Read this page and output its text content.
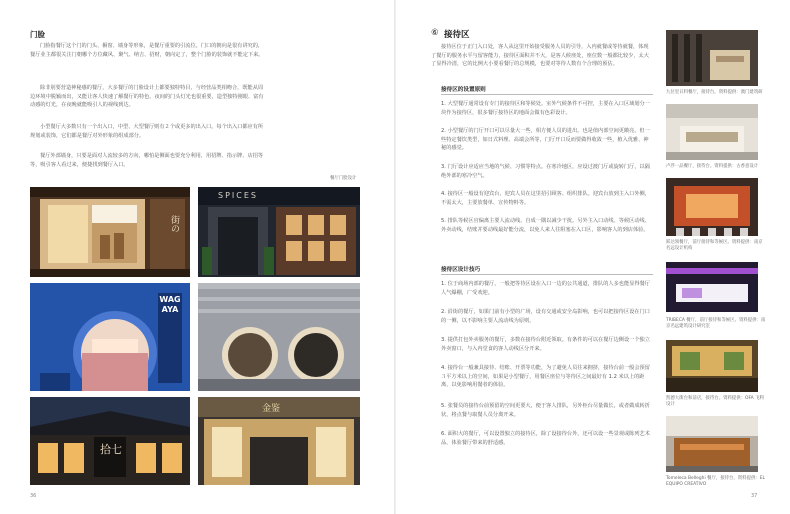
门脸

门脸指餐厅这个门的门头、橱窗、墙身等形象，是餐厅重要的引流位。门口的朝向是很有讲究的，餐厅业主都很关注门朝哪个方位藏风、聚气、纳吉、招财，朝向定了，整个门脸的装饰就不能定下来。

除非别要营造神秘感的餐厅，大多餐厅的门脸设计上都要独特特目，与经营品类相吻合，既能从周边环境中脱颖而出，又能让客人快速了解餐厅的特色。夜间的门头灯光也很重要，造型独特刚眼、富有动感的灯光，在夜晚就能吸引人的视线到达。

小型餐厅大多数只有一个出入口，中型、大型餐厅则有２个或更多的出入口。每个出入口都应有所规划或装饰，它们都是餐厅对外形象的组成部分。

餐厅外部墙身，只要是面对人流较多的方向，哪怕是侧面也要充分利用，用招牌、指示牌、店招等等，吸引客人看过来，便捷找到餐厅入口。

餐厅门脸设计
街の
SPICES
WAGAYA
拾七
金鉴
36
⑥ 接待区

接待区位于正门入口处，客人从这里开始接受服务人员的引导，入内就餐或等待就餐，体现了餐厅的服务水平与留客能力，接待区面积并不大，是客人候座处，座位数一般都比较少，太大了显得冷清，它的比例大小要看餐厅的总规模，也要对等待人数有个合理的预估。

接待区的设置原则

1. 大型餐厅通常设有专门的接待区和等候处。室外气候条件不可控，主要在入口区域划分一块作为接待区，很多餐厅接待区的地面会做有色彩设计。

2. 小型餐厅的门厅开口可以尽量大一些，相方便人员的进出。也是值内部空间更敞亮。但一些特定餐饮类型，如日式料理、高端会所等，门厅开口反而要做得收敛一些，植入优雅、神秘的感觉。

3. 门厅设计应适应当地的气候、习惯等特点。在寒冷地区，应设过渡门厅或旋转门厅，以隔绝外部的寒冷空气。

4. 接待区一般设有迎宾台，迎宾人员在这里招引顾客、组织排队。迎宾台放到主入口外侧，不需太大，主要放餐单、宣传物料等。

5. 排队等候区官偏离主要人流动线，自成一隅以减少干扰。另外主入口动线、等候区动线、外卖动线，结账并要动线最好能分流，以免人来人往阻塞在入口区，影响客人的到店体验。

接待区设计技巧

1. 位于商场内部的餐厅，一般把等待区设在入口一边的公共通道，排队的人多也能显得餐厅人气爆棚，广受欢迎。

2. 沿街的餐厅，如果门前有小型的广场，设有交通或安全岛影响，也可以把接待区设在门口的一侧，以不影响主要人流动线为原则。

3. 提供打包外卖服务的餐厅，多数在接待台附近领取。有条件的可以在餐厅边侧设一个独立外卖窗口，与入内堂食的客人动线区分开来。

4. 接待台一般兼具接待、结账、开票等功能，为了避免人员往来拥挤，接待台前一般会预留３平方米以上的空间，如果是小型餐厅，用餐区座位与等待区之间最好有 1.2 米以上的距离，以免影响用餐者的体验。

5. 张餐员的接待台前预留的空间更要大，便于客人排队，另外柜台尽量做长，或者做成转折状，将点餐与取餐人员分离开来。

6. 面积大的餐厅，可以设置独立的接待区，除了设接待台外，还可以设一些景观或陈列艺术品，体验餐厅带来的舒适感。

九位里日料餐厅，接待台。资料提供：澳门建筑研
卢浮一品餐厅，接待台。资料提供：古香意设计
跃达领餐厅，前厅接待和等候区。资料提供：南京名远设计机构
TRIBECA 餐厅，前厅接待和等候区。资料提供：南京名远建筑设计研究室
凯德大街台和前店，接待台。资料提供：OFA 飞利设计
Tomeleca Belleghi 餐厅，接待台，资料提供：EL EQUIPO CREATIVO
37
